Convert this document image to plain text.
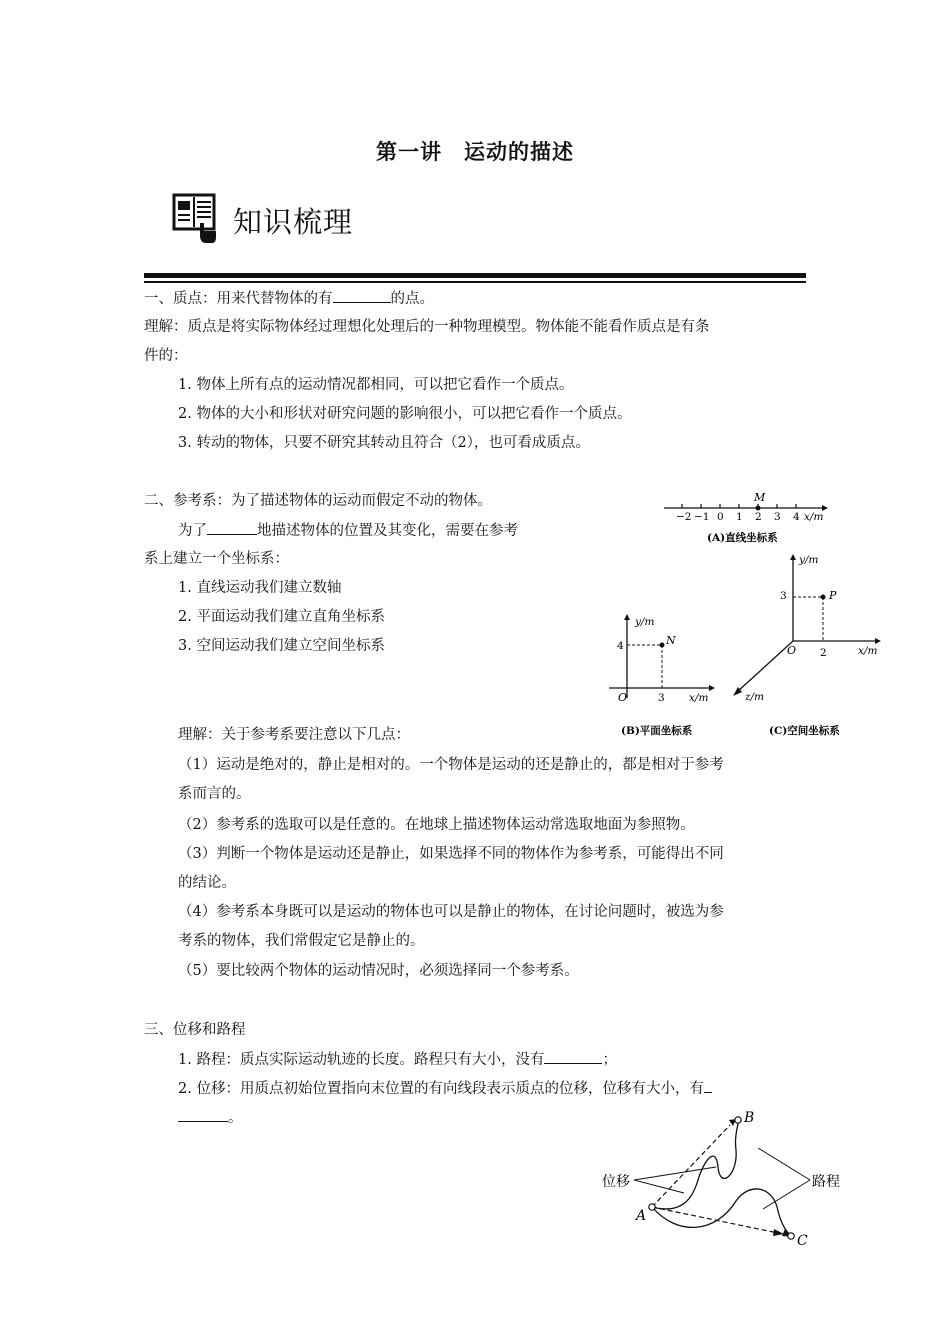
第一讲 运动的描述
知识梳理
一、质点：用来代替物体的有	的点。
理解：质点是将实际物体经过理想化处理后的一种物理模型。物体能不能看作质点是有条
件的：
1. 物体上所有点的运动情况都相同，可以把它看作一个质点。
2. 物体的大小和形状对研究问题的影响很小，可以把它看作一个质点。
3. 转动的物体，只要不研究其转动且符合（2），也可看成质点。
二、参考系：为了描述物体的运动而假定不动的物体。
为了	地描述物体的位置及其变化，需要在参考
系上建立一个坐标系：
1. 直线运动我们建立数轴
2. 平面运动我们建立直角坐标系
3. 空间运动我们建立空间坐标系
M
−2 −1 0 1 2 3 4 x/m
(A)直线坐标系
N
y/m
4
O	3 x/m
(B)平面坐标系
P
y/m
3
O 2	x/m
z/m
(C)空间坐标系
理解：关于参考系要注意以下几点：
（1）运动是绝对的，静止是相对的。一个物体是运动的还是静止的，都是相对于参考
系而言的。
（2）参考系的选取可以是任意的。在地球上描述物体运动常选取地面为参照物。
（3）判断一个物体是运动还是静止，如果选择不同的物体作为参考系，可能得出不同
的结论。
（4）参考系本身既可以是运动的物体也可以是静止的物体，在讨论问题时，被选为参
考系的物体，我们常假定它是静止的。
（5）要比较两个物体的运动情况时，必须选择同一个参考系。
三、位移和路程
1. 路程：质点实际运动轨迹的长度。路程只有大小，没有	；
2. 位移：用质点初始位置指向末位置的有向线段表示质点的位移，位移有大小，有
。
位移	路程
A
B
C
